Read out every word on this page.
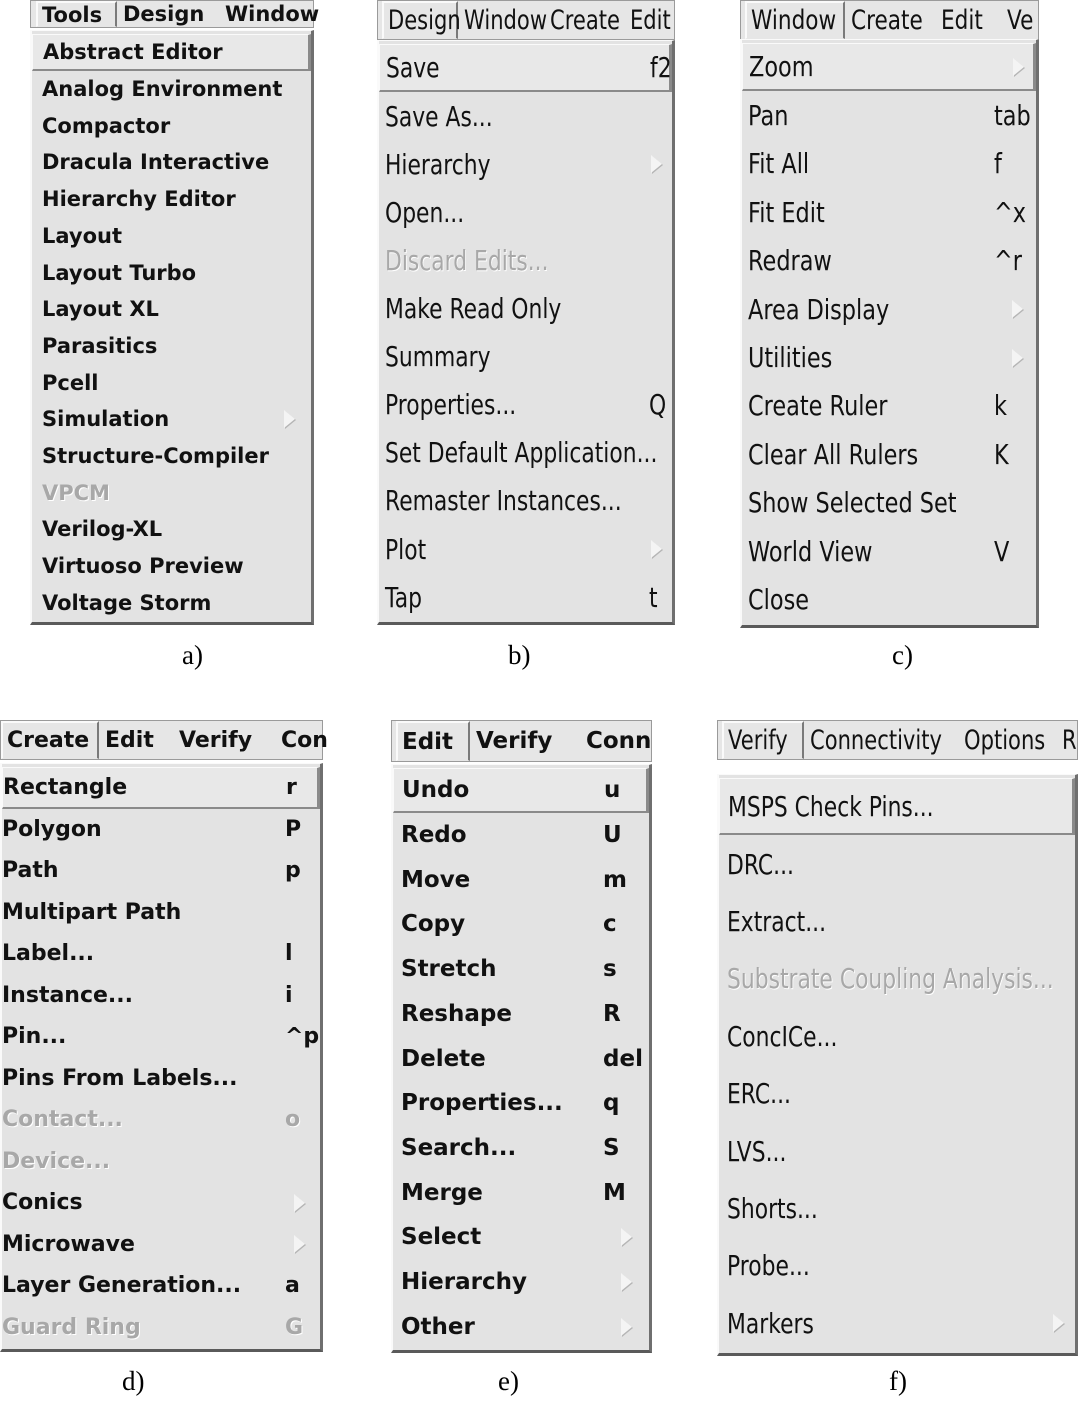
Tools Design Window
Abstract Editor
Analog Environment
Compactor
Dracula Interactive
Hierarchy Editor
Layout
Layout Turbo
Layout XL
Parasitics
Pcell
Simulation
Structure-Compiler
VPCM
Verilog-XL
Virtuoso Preview
Voltage Storm
a)
Design Window Create Edit
Save	f2
Save As...
Hierarchy
Open...
Discard Edits...
Make Read Only
Summary
Properties...	Q
Set Default Application...
Remaster Instances...
Plot
Tap	t
b)
Window Create Edit Ve
Zoom
Pan	tab
Fit All	f
Fit Edit	^x
Redraw	^r
Area Display
Utilities
Create Ruler	k
Clear All Rulers	K
Show Selected Set
World View	V
Close
c)
Create Edit Verify Con
Rectangle	r
Polygon	P
Path	p
Multipart Path
Label...	l
Instance...	i
Pin...	^p
Pins From Labels...
Contact...	o
Device...
Conics
Microwave
Layer Generation... a
Guard Ring	G
d)
Edit Verify Conn
Undo	u
Redo	U
Move	m
Copy	c
Stretch	s
Reshape	R
Delete	del
Properties... q
Search...	S
Merge	M
Select
Hierarchy
Other
e)
Verify Connectivity Options R
MSPS Check Pins...
DRC...
Extract...
Substrate Coupling Analysis...
ConcICe...
ERC...
LVS...
Shorts...
Probe...
Markers
f)
